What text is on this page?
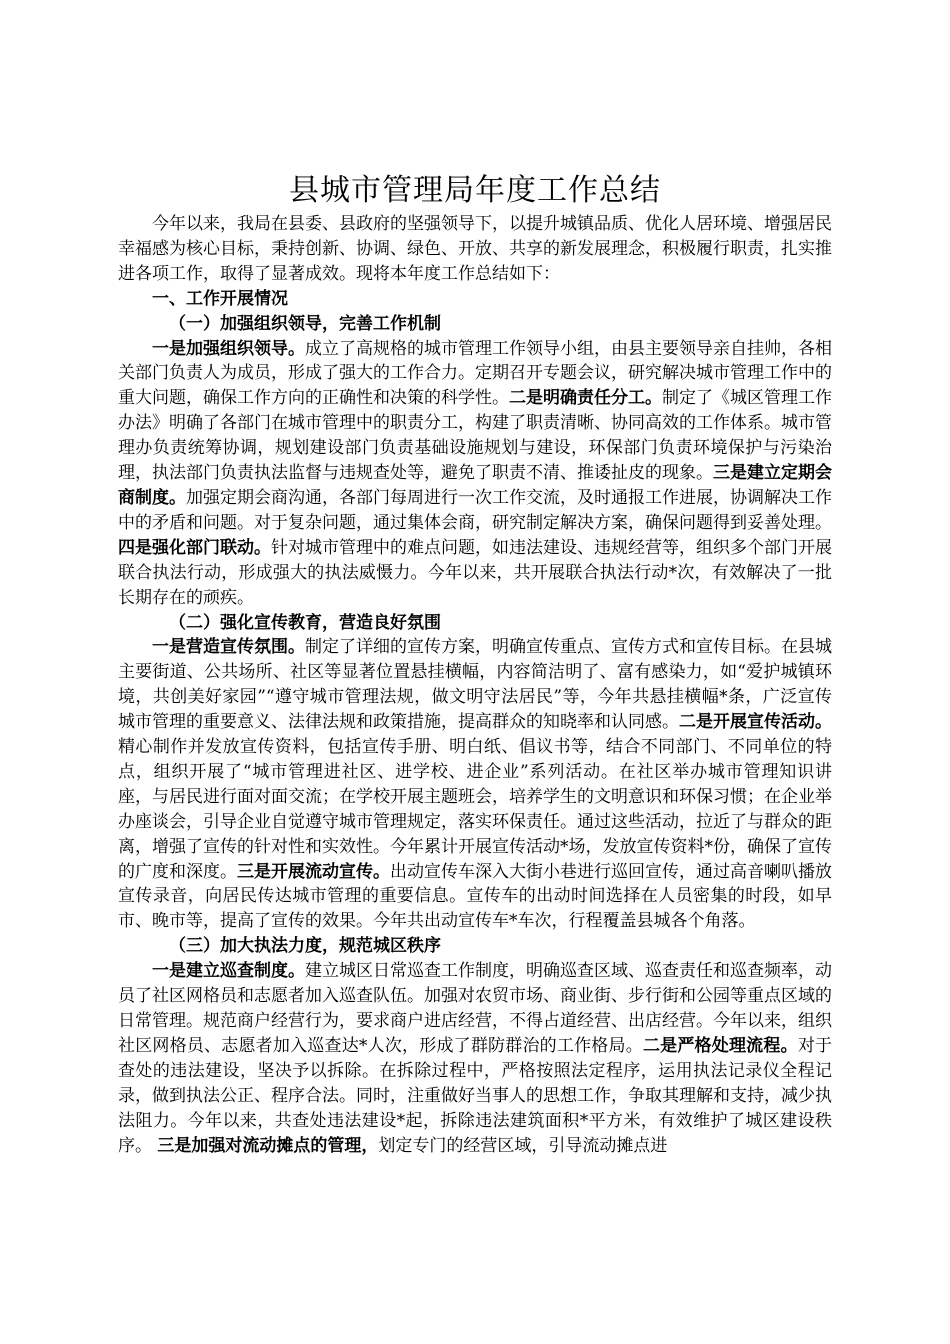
县城市管理局年度工作总结

今年以来，我局在县委、县政府的坚强领导下，以提升城镇品质、优化人居环境、增强居民幸福感为核心目标，秉持创新、协调、绿色、开放、共享的新发展理念，积极履行职责，扎实推进各项工作，取得了显著成效。现将本年度工作总结如下：

一、工作开展情况

（一）加强组织领导，完善工作机制

一是加强组织领导。成立了高规格的城市管理工作领导小组，由县主要领导亲自挂帅，各相关部门负责人为成员，形成了强大的工作合力。定期召开专题会议，研究解决城市管理工作中的重大问题，确保工作方向的正确性和决策的科学性。二是明确责任分工。制定了《城区管理工作办法》明确了各部门在城市管理中的职责分工，构建了职责清晰、协同高效的工作体系。城市管理办负责统筹协调，规划建设部门负责基础设施规划与建设，环保部门负责环境保护与污染治理，执法部门负责执法监督与违规查处等，避免了职责不清、推诿扯皮的现象。三是建立定期会商制度。加强定期会商沟通，各部门每周进行一次工作交流，及时通报工作进展，协调解决工作中的矛盾和问题。对于复杂问题，通过集体会商，研究制定解决方案，确保问题得到妥善处理。四是强化部门联动。针对城市管理中的难点问题，如违法建设、违规经营等，组织多个部门开展联合执法行动，形成强大的执法威慑力。今年以来，共开展联合执法行动*次，有效解决了一批长期存在的顽疾。

（二）强化宣传教育，营造良好氛围

一是营造宣传氛围。制定了详细的宣传方案，明确宣传重点、宣传方式和宣传目标。在县城主要街道、公共场所、社区等显著位置悬挂横幅，内容简洁明了、富有感染力，如“爱护城镇环境，共创美好家园”“遵守城市管理法规，做文明守法居民”等，今年共悬挂横幅*条，广泛宣传城市管理的重要意义、法律法规和政策措施，提高群众的知晓率和认同感。二是开展宣传活动。精心制作并发放宣传资料，包括宣传手册、明白纸、倡议书等，结合不同部门、不同单位的特点，组织开展了“城市管理进社区、进学校、进企业”系列活动。在社区举办城市管理知识讲座，与居民进行面对面交流；在学校开展主题班会，培养学生的文明意识和环保习惯；在企业举办座谈会，引导企业自觉遵守城市管理规定，落实环保责任。通过这些活动，拉近了与群众的距离，增强了宣传的针对性和实效性。今年累计开展宣传活动*场，发放宣传资料*份，确保了宣传的广度和深度。三是开展流动宣传。出动宣传车深入大街小巷进行巡回宣传，通过高音喇叭播放宣传录音，向居民传达城市管理的重要信息。宣传车的出动时间选择在人员密集的时段，如早市、晚市等，提高了宣传的效果。今年共出动宣传车*车次，行程覆盖县城各个角落。

（三）加大执法力度，规范城区秩序

一是建立巡查制度。建立城区日常巡查工作制度，明确巡查区域、巡查责任和巡查频率，动员了社区网格员和志愿者加入巡查队伍。加强对农贸市场、商业街、步行街和公园等重点区域的日常管理。规范商户经营行为，要求商户进店经营，不得占道经营、出店经营。今年以来，组织社区网格员、志愿者加入巡查达*人次，形成了群防群治的工作格局。二是严格处理流程。对于查处的违法建设，坚决予以拆除。在拆除过程中，严格按照法定程序，运用执法记录仪全程记录，做到执法公正、程序合法。同时，注重做好当事人的思想工作，争取其理解和支持，减少执法阻力。今年以来，共查处违法建设*起，拆除违法建筑面积*平方米，有效维护了城区建设秩序。 三是加强对流动摊点的管理，划定专门的经营区域，引导流动摊点进
